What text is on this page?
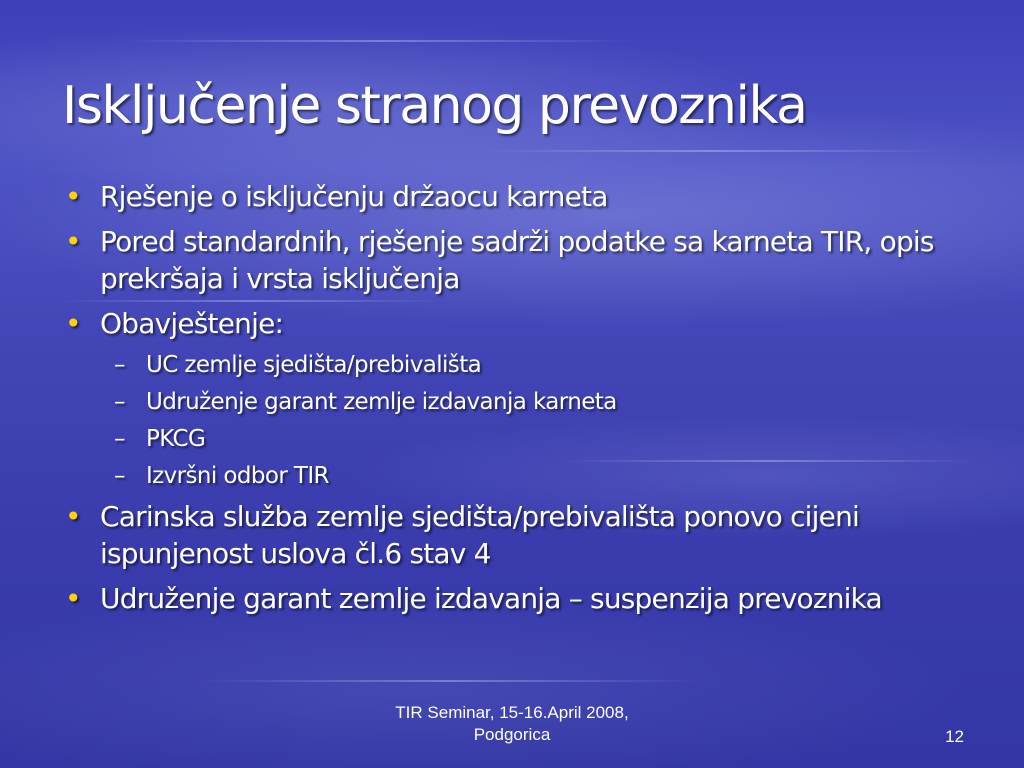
Isključenje stranog prevoznika
• Rješenje o isključenju držaocu karneta
• Pored standardnih, rješenje sadrži podatke sa karneta TIR, opis prekršaja i vrsta isključenja
• Obavještenje:
– UC zemlje sjedišta/prebivališta
– Udruženje garant zemlje izdavanja karneta
– PKCG
– Izvršni odbor TIR
• Carinska služba zemlje sjedišta/prebivališta ponovo cijeni ispunjenost uslova čl.6 stav 4
• Udruženje garant zemlje izdavanja – suspenzija prevoznika
TIR Seminar, 15-16.April 2008,
Podgorica	12
